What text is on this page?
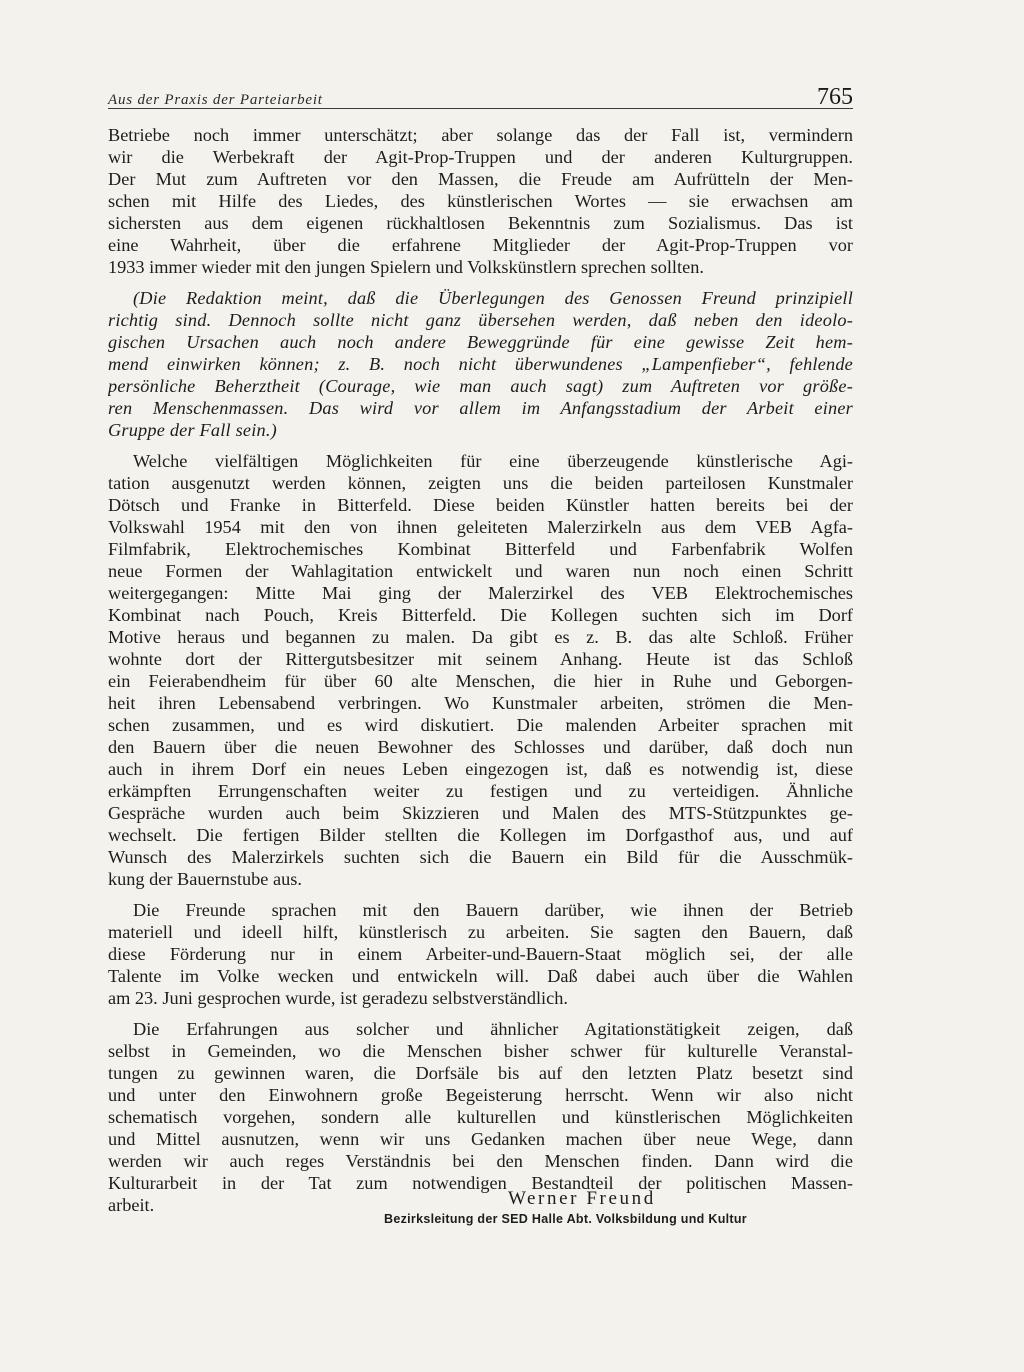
Aus der Praxis der Parteiarbeit	765
Betriebe noch immer unterschätzt; aber solange das der Fall ist, vermindern
wir die Werbekraft der Agit-Prop-Truppen und der anderen Kulturgruppen.
Der Mut zum Auftreten vor den Massen, die Freude am Aufrütteln der Men-
schen mit Hilfe des Liedes, des künstlerischen Wortes — sie erwachsen am
sichersten aus dem eigenen rückhaltlosen Bekenntnis zum Sozialismus. Das ist
eine Wahrheit, über die erfahrene Mitglieder der Agit-Prop-Truppen vor
1933 immer wieder mit den jungen Spielern und Volkskünstlern sprechen sollten.
(Die Redaktion meint, daß die Überlegungen des Genossen Freund prinzipiell
richtig sind. Dennoch sollte nicht ganz übersehen werden, daß neben den ideolo-
gischen Ursachen auch noch andere Beweggründe für eine gewisse Zeit hem-
mend einwirken können; z. B. noch nicht überwundenes „Lampenfieber“, fehlende
persönliche Beherztheit (Courage, wie man auch sagt) zum Auftreten vor größe-
ren Menschenmassen. Das wird vor allem im Anfangsstadium der Arbeit einer
Gruppe der Fall sein.)
Welche vielfältigen Möglichkeiten für eine überzeugende künstlerische Agi-
tation ausgenutzt werden können, zeigten uns die beiden parteilosen Kunstmaler
Dötsch und Franke in Bitterfeld. Diese beiden Künstler hatten bereits bei der
Volkswahl 1954 mit den von ihnen geleiteten Malerzirkeln aus dem VEB Agfa-
Filmfabrik, Elektrochemisches Kombinat Bitterfeld und Farbenfabrik Wolfen
neue Formen der Wahlagitation entwickelt und waren nun noch einen Schritt
weitergegangen: Mitte Mai ging der Malerzirkel des VEB Elektrochemisches
Kombinat nach Pouch, Kreis Bitterfeld. Die Kollegen suchten sich im Dorf
Motive heraus und begannen zu malen. Da gibt es z. B. das alte Schloß. Früher
wohnte dort der Rittergutsbesitzer mit seinem Anhang. Heute ist das Schloß
ein Feierabendheim für über 60 alte Menschen, die hier in Ruhe und Geborgen-
heit ihren Lebensabend verbringen. Wo Kunstmaler arbeiten, strömen die Men-
schen zusammen, und es wird diskutiert. Die malenden Arbeiter sprachen mit
den Bauern über die neuen Bewohner des Schlosses und darüber, daß doch nun
auch in ihrem Dorf ein neues Leben eingezogen ist, daß es notwendig ist, diese
erkämpften Errungenschaften weiter zu festigen und zu verteidigen. Ähnliche
Gespräche wurden auch beim Skizzieren und Malen des MTS-Stützpunktes ge-
wechselt. Die fertigen Bilder stellten die Kollegen im Dorfgasthof aus, und auf
Wunsch des Malerzirkels suchten sich die Bauern ein Bild für die Ausschmük-
kung der Bauernstube aus.
Die Freunde sprachen mit den Bauern darüber, wie ihnen der Betrieb
materiell und ideell hilft, künstlerisch zu arbeiten. Sie sagten den Bauern, daß
diese Förderung nur in einem Arbeiter-und-Bauern-Staat möglich sei, der alle
Talente im Volke wecken und entwickeln will. Daß dabei auch über die Wahlen
am 23. Juni gesprochen wurde, ist geradezu selbstverständlich.
Die Erfahrungen aus solcher und ähnlicher Agitationstätigkeit zeigen, daß
selbst in Gemeinden, wo die Menschen bisher schwer für kulturelle Veranstal-
tungen zu gewinnen waren, die Dorfsäle bis auf den letzten Platz besetzt sind
und unter den Einwohnern große Begeisterung herrscht. Wenn wir also nicht
schematisch vorgehen, sondern alle kulturellen und künstlerischen Möglichkeiten
und Mittel ausnutzen, wenn wir uns Gedanken machen über neue Wege, dann
werden wir auch reges Verständnis bei den Menschen finden. Dann wird die
Kulturarbeit in der Tat zum notwendigen Bestandteil der politischen Massen-
arbeit.	Werner Freund
Bezirksleitung der SED Halle Abt. Volksbildung und Kultur
